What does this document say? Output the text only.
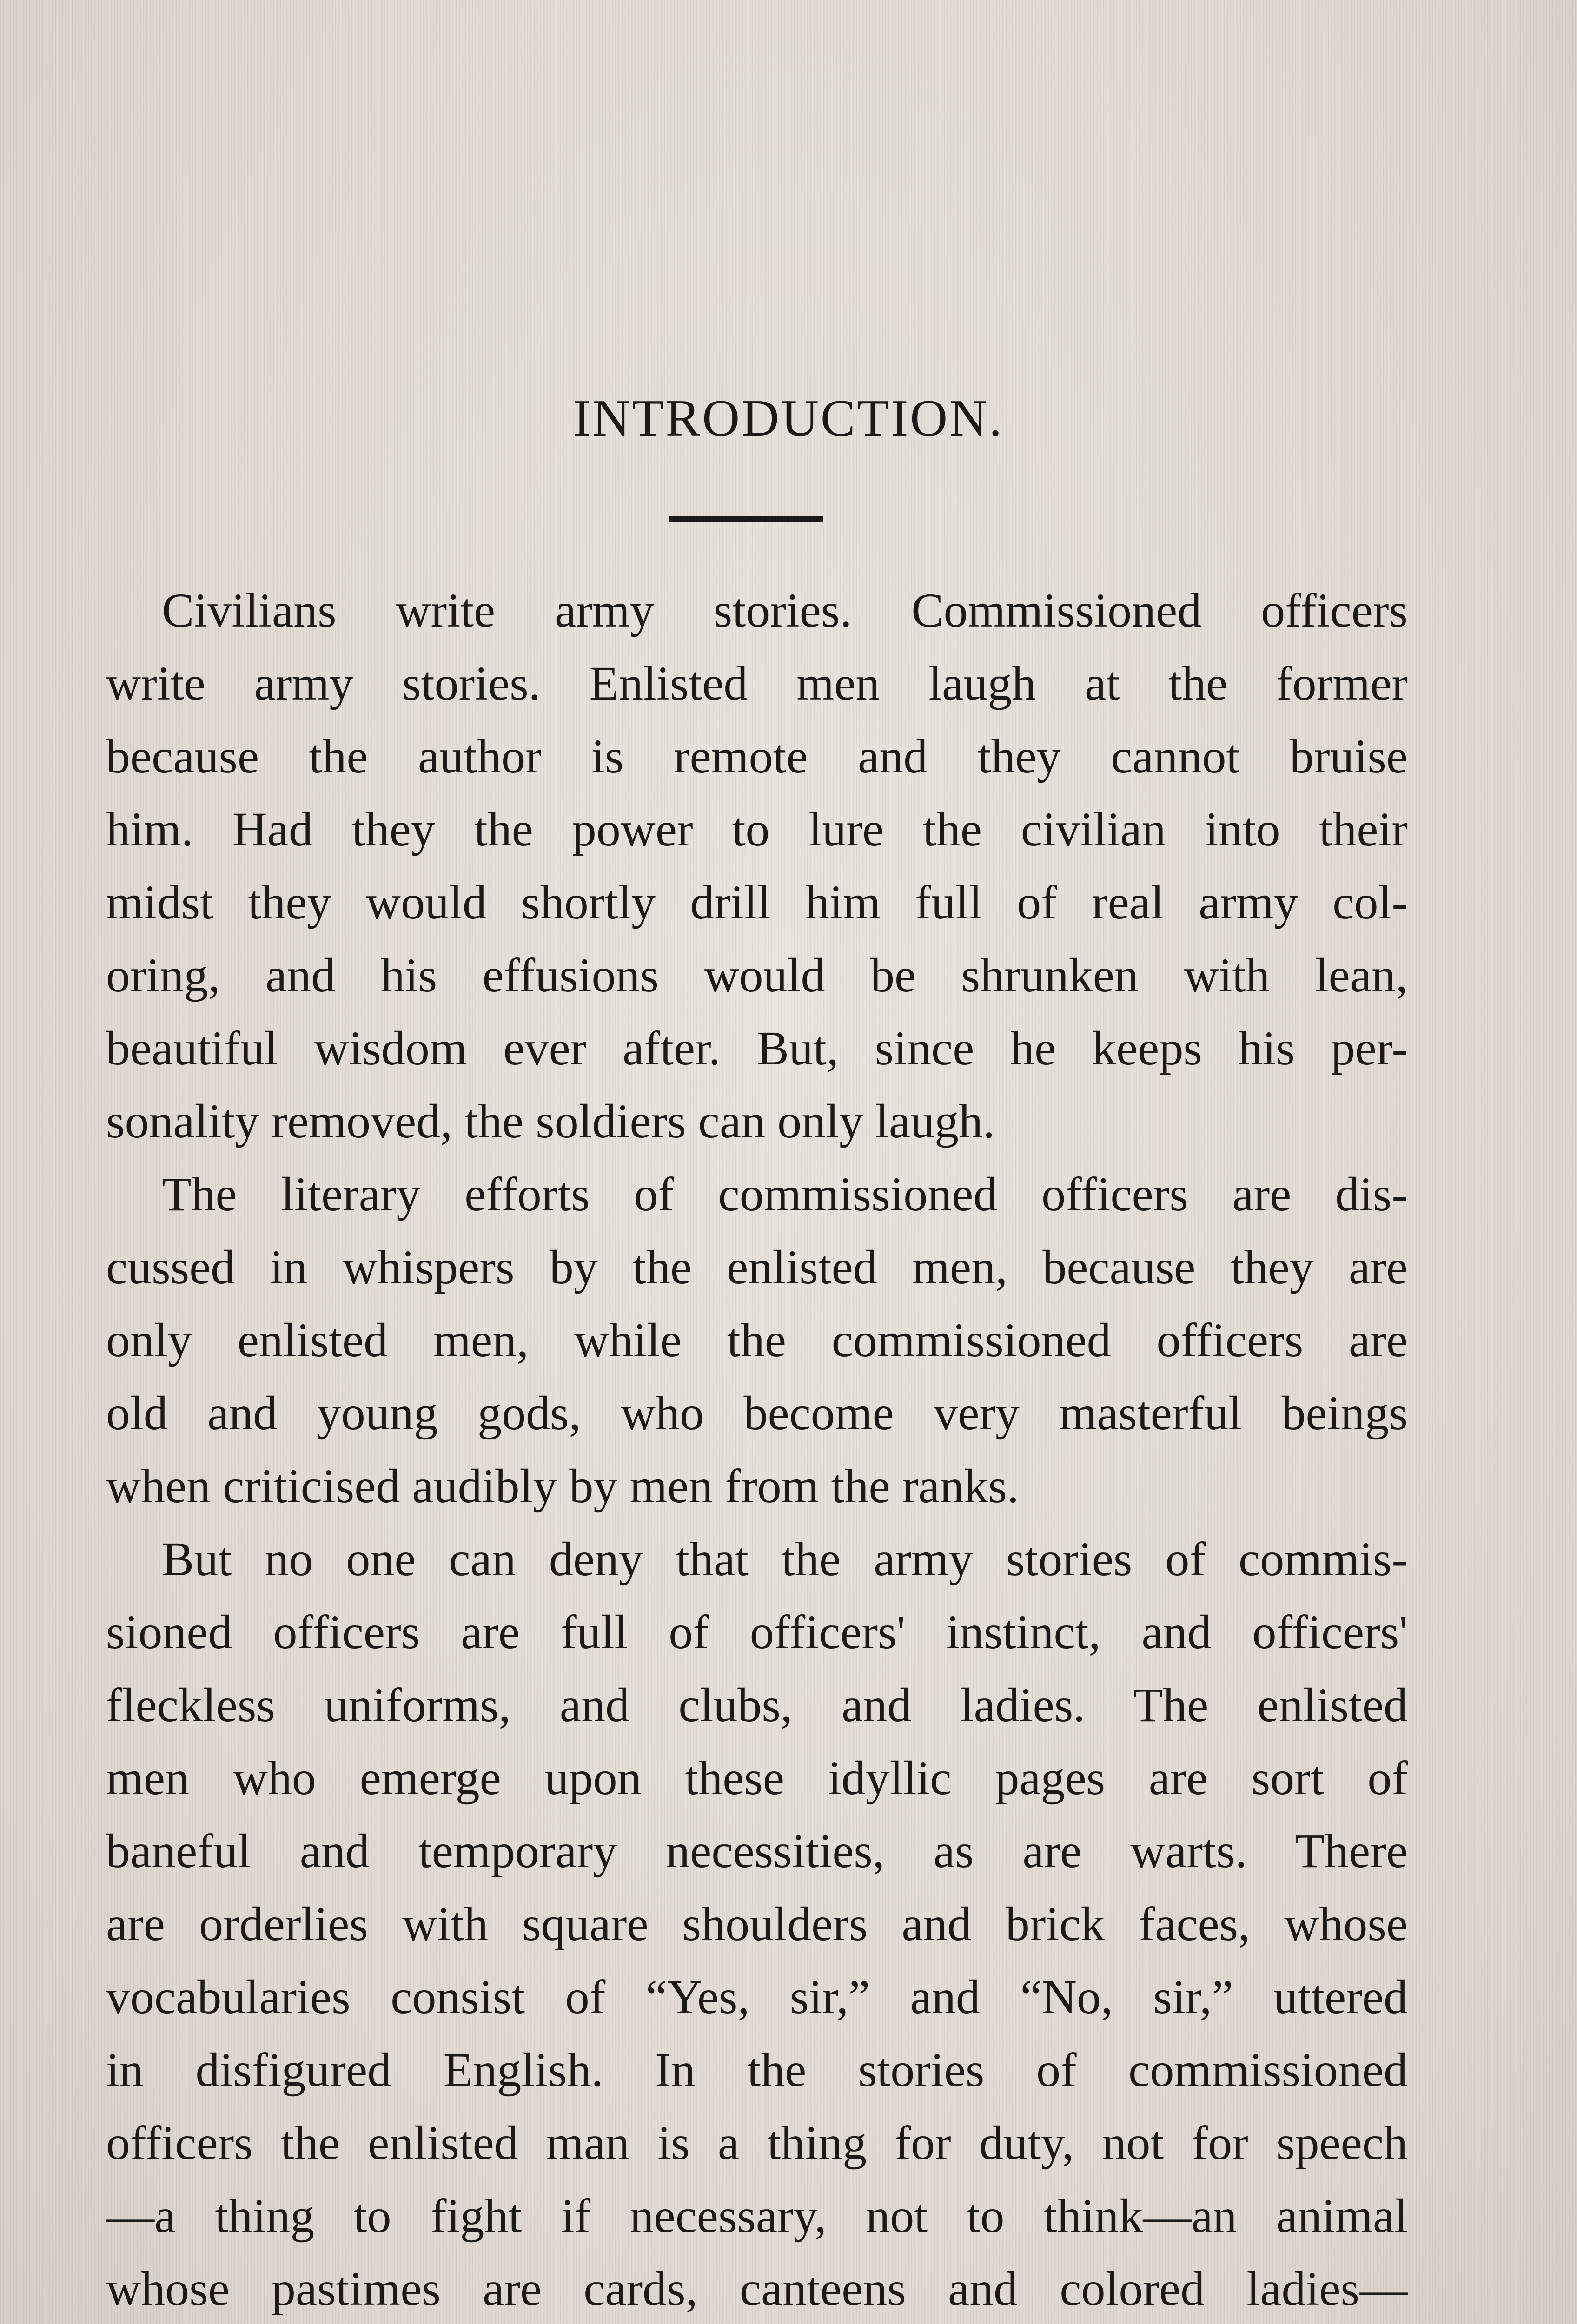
INTRODUCTION.
Civilians write army stories. Commissioned officers
write army stories. Enlisted men laugh at the former
because the author is remote and they cannot bruise
him. Had they the power to lure the civilian into their
midst they would shortly drill him full of real army col-
oring, and his effusions would be shrunken with lean,
beautiful wisdom ever after. But, since he keeps his per-
sonality removed, the soldiers can only laugh.
The literary efforts of commissioned officers are dis-
cussed in whispers by the enlisted men, because they are
only enlisted men, while the commissioned officers are
old and young gods, who become very masterful beings
when criticised audibly by men from the ranks.
But no one can deny that the army stories of commis-
sioned officers are full of officers' instinct, and officers'
fleckless uniforms, and clubs, and ladies. The enlisted
men who emerge upon these idyllic pages are sort of
baneful and temporary necessities, as are warts. There
are orderlies with square shoulders and brick faces, whose
vocabularies consist of “Yes, sir,” and “No, sir,” uttered
in disfigured English. In the stories of commissioned
officers the enlisted man is a thing for duty, not for speech
—a thing to fight if necessary, not to think—an animal
whose pastimes are cards, canteens and colored ladies—
